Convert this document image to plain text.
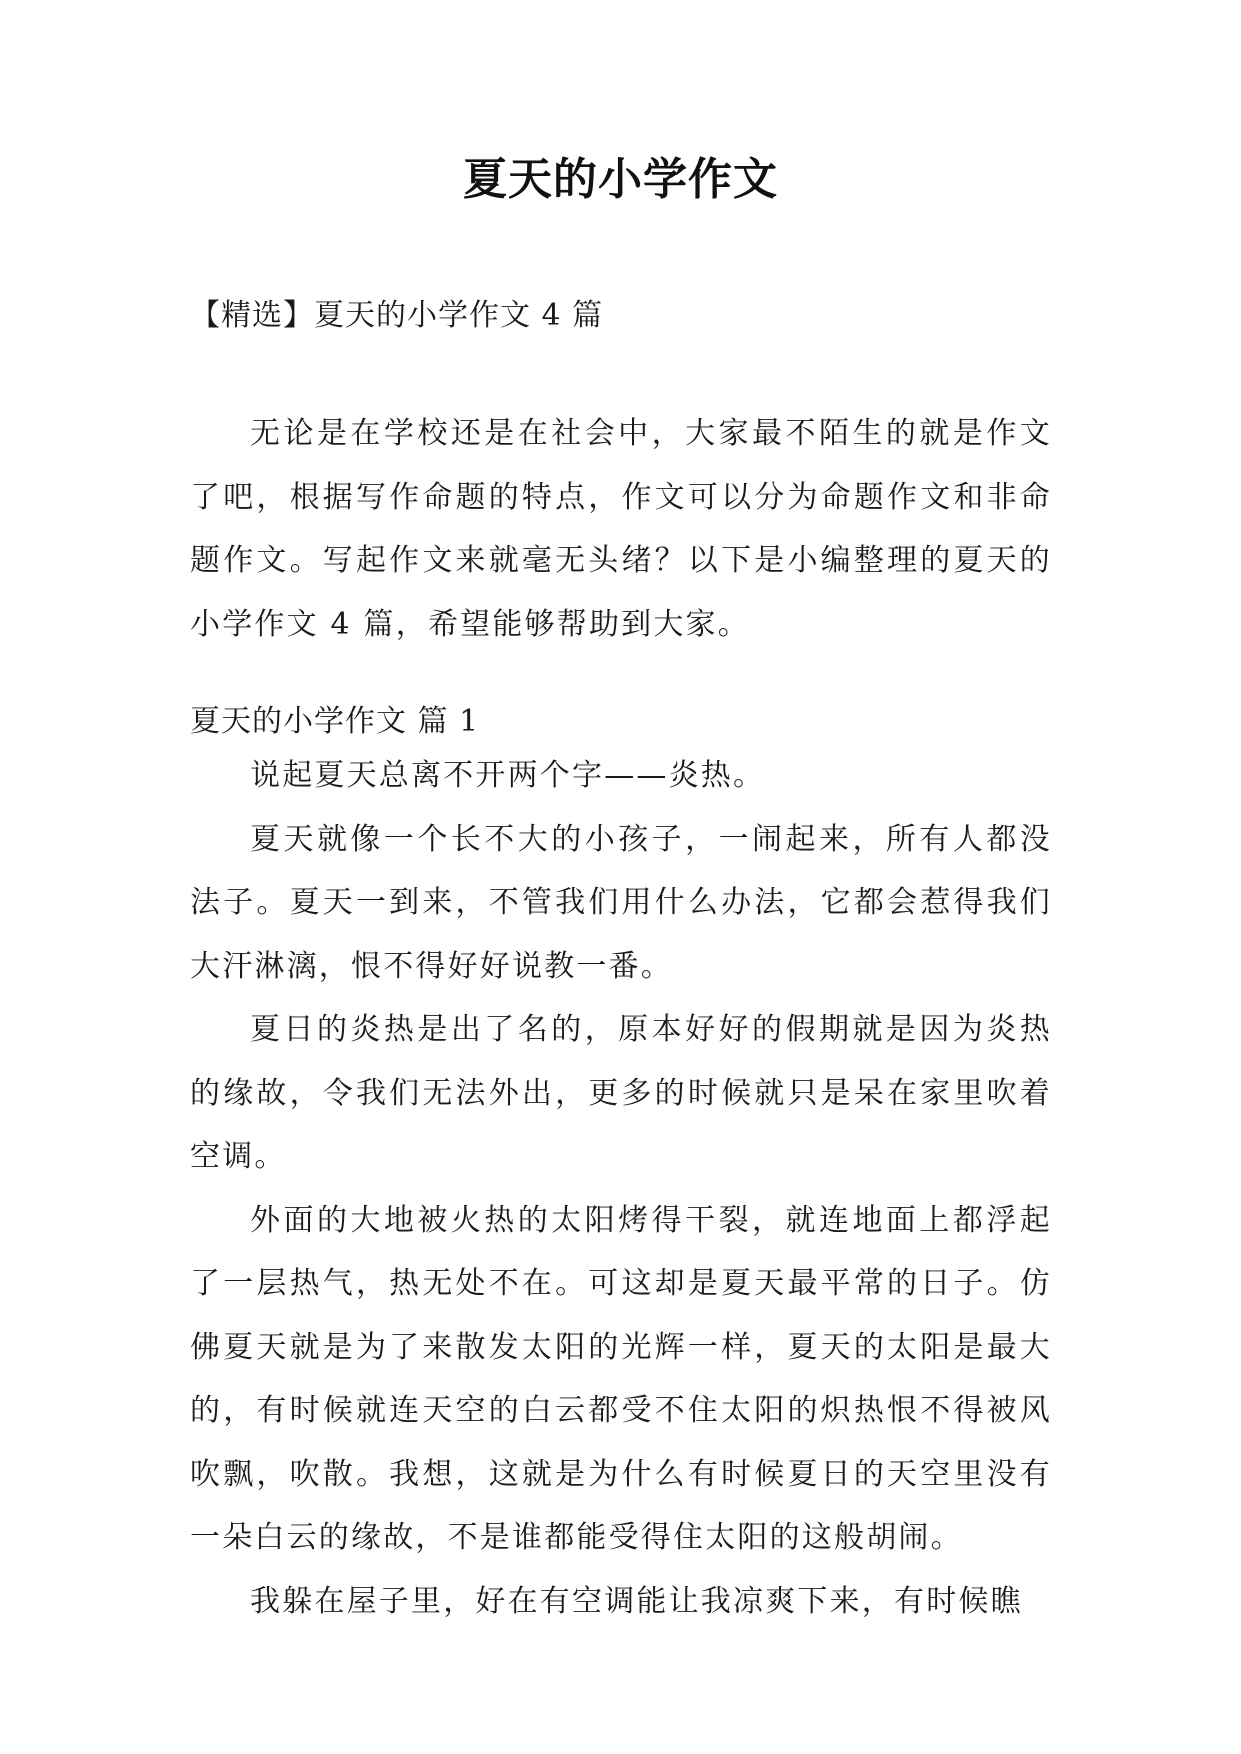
夏天的小学作文
【精选】夏天的小学作文 4 篇

无论是在学校还是在社会中，大家最不陌生的就是作文了吧，根据写作命题的特点，作文可以分为命题作文和非命题作文。写起作文来就毫无头绪？以下是小编整理的夏天的小学作文 4 篇，希望能够帮助到大家。

夏天的小学作文 篇 1

说起夏天总离不开两个字——炎热。

夏天就像一个长不大的小孩子，一闹起来，所有人都没法子。夏天一到来，不管我们用什么办法，它都会惹得我们大汗淋漓，恨不得好好说教一番。

夏日的炎热是出了名的，原本好好的假期就是因为炎热的缘故，令我们无法外出，更多的时候就只是呆在家里吹着空调。

外面的大地被火热的太阳烤得干裂，就连地面上都浮起了一层热气，热无处不在。可这却是夏天最平常的日子。仿佛夏天就是为了来散发太阳的光辉一样，夏天的太阳是最大的，有时候就连天空的白云都受不住太阳的炽热恨不得被风吹飘，吹散。我想，这就是为什么有时候夏日的天空里没有一朵白云的缘故，不是谁都能受得住太阳的这般胡闹。

我躲在屋子里，好在有空调能让我凉爽下来，有时候瞧
